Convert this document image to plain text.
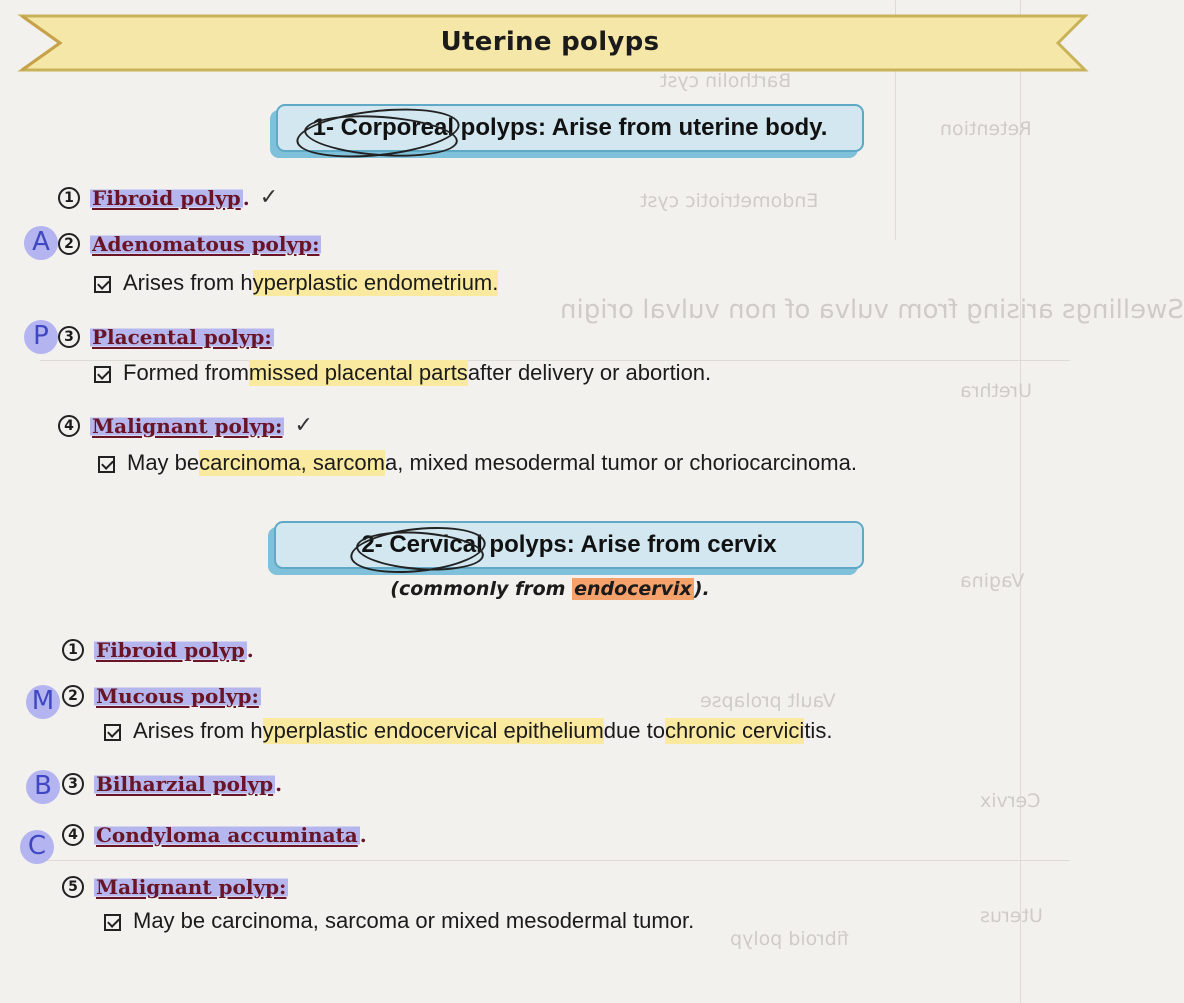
Bartholin cyst
Retention
Endometriotic cyst
Swellings arising from vulva of non vulval origin
Urethra
Vagina
Vault prolapse
Cervix
Uterus
fibroid polyp
Uterine polyps
1- Corporeal polyps: Arise from uterine body.
1 Fibroid polyp . ✓
A	2 Adenomatous polyp:
Arises from h yperplastic endometrium.
P	3 Placental polyp:
Formed from missed placental parts after delivery or abortion.
4 Malignant polyp: ✓
May be carcinoma, sarcom a, mixed mesodermal tumor or choriocarcinoma.
2- Cervical polyps: Arise from cervix
(commonly from endocervix ).
1 Fibroid polyp .
M 2 Mucous polyp:
Arises from h yperplastic endocervical epithelium due to chronic cervici tis.
B	3 Bilharzial polyp .
C	4 Condyloma accuminata .
5 Malignant polyp:
May be carcinoma, sarcoma or mixed mesodermal tumor.
